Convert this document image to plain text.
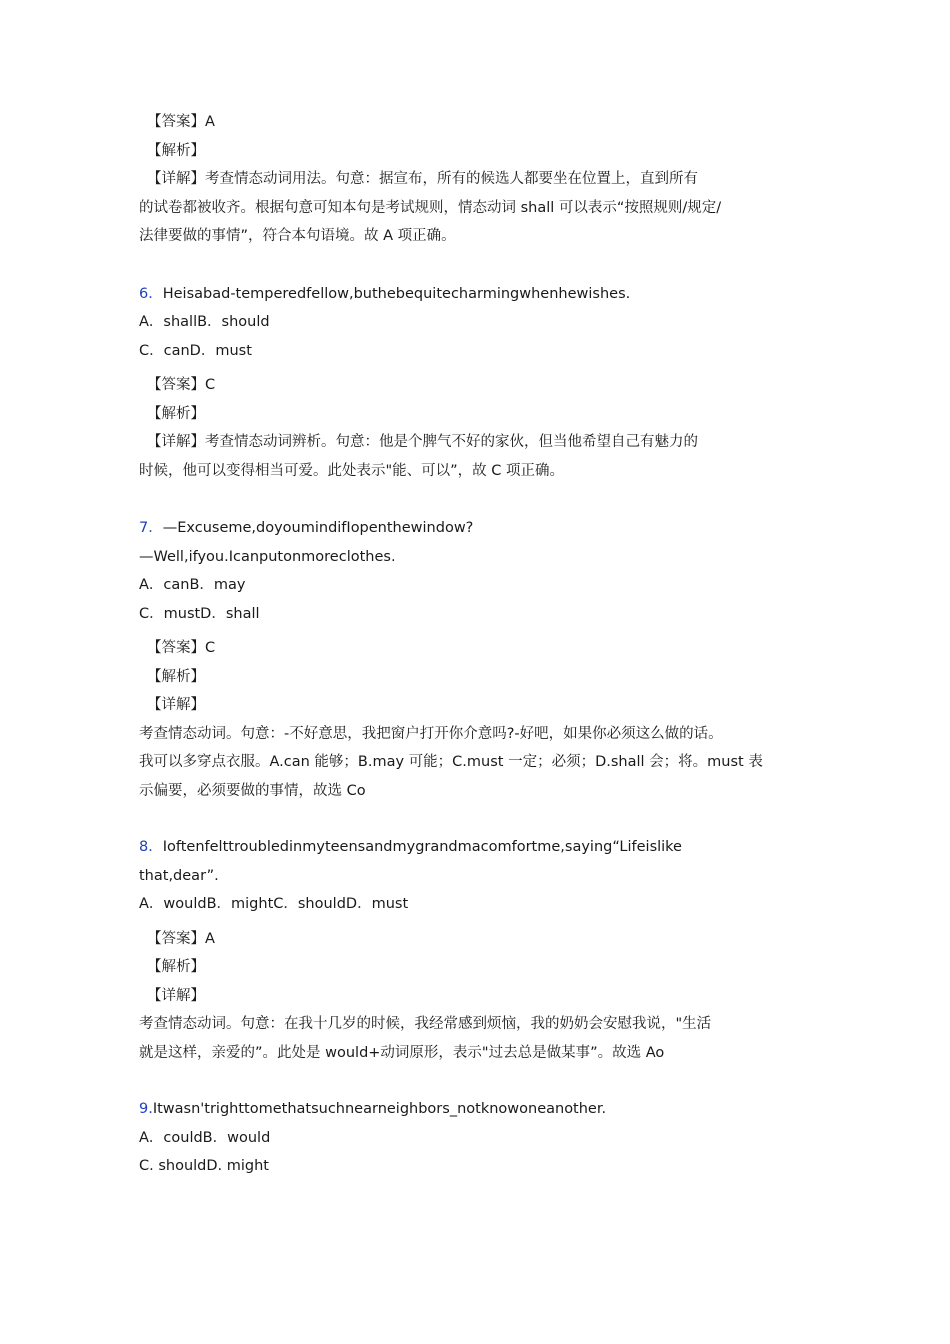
【答案】A
【解析】
【详解】考查情态动词用法。句意：据宣布，所有的候选人都要坐在位置上，直到所有
的试卷都被收齐。根据句意可知本句是考试规则，情态动词 shall 可以表示“按照规则/规定/
法律要做的事情”，符合本句语境。故 A 项正确。
6．Heisabad-temperedfellow,buthebequitecharmingwhenhewishes.
A．shallB．should
C．canD．must
【答案】C
【解析】
【详解】考查情态动词辨析。句意：他是个脾气不好的家伙，但当他希望自己有魅力的
时候，他可以变得相当可爱。此处表示"能、可以”，故 C 项正确。
7．—Excuseme,doyoumindifIopenthewindow?
—Well,ifyou.Icanputonmoreclothes.
A．canB．may
C．mustD．shall
【答案】C
【解析】
【详解】
考查情态动词。句意：-不好意思，我把窗户打开你介意吗?-好吧，如果你必须这么做的话。
我可以多穿点衣服。A.can 能够；B.may 可能；C.must 一定；必须；D.shall 会；将。must 表
示偏要，必须要做的事情，故选 Co
8．Ioftenfelttroubledinmyteensandmygrandmacomfortme,saying“Lifeislike
that,dear”.
A．wouldB．mightC．shouldD．must
【答案】A
【解析】
【详解】
考查情态动词。句意：在我十几岁的时候，我经常感到烦恼，我的奶奶会安慰我说，"生活
就是这样，亲爱的”。此处是 would+动词原形，表示"过去总是做某事”。故选 Ao
9.Itwasn'trighttomethatsuchnearneighbors_notknowoneanother.
A．couldB．would
C. shouldD. might
